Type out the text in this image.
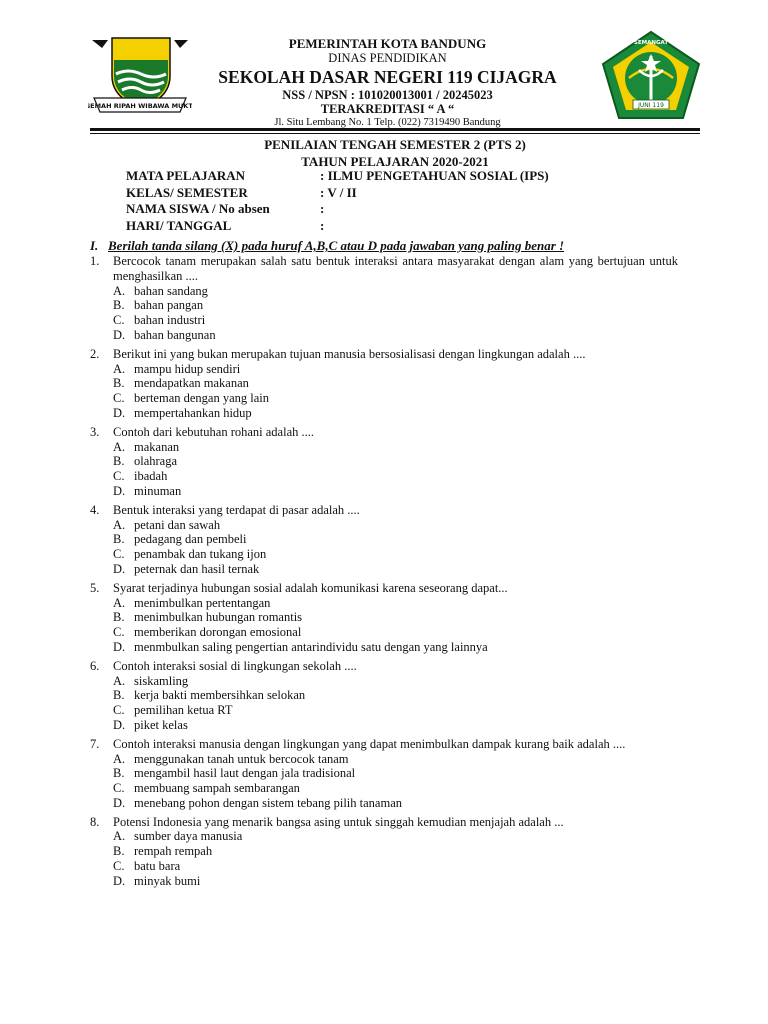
GEMAH RIPAH WIBAWA MUKTI
SEMANGAT
JUNI 119
PEMERINTAH KOTA BANDUNG
DINAS PENDIDIKAN
SEKOLAH DASAR NEGERI 119 CIJAGRA
NSS / NPSN : 101020013001 / 20245023
TERAKREDITASI “ A “
Jl. Situ Lembang No. 1 Telp. (022) 7319490 Bandung
PENILAIAN TENGAH SEMESTER 2 (PTS 2)
TAHUN PELAJARAN 2020-2021
MATA PELAJARAN	: ILMU PENGETAHUAN SOSIAL (IPS)
KELAS/ SEMESTER	: V / II
NAMA SISWA / No absen	:
HARI/ TANGGAL	:
I. Berilah tanda silang (X) pada huruf A,B,C atau D pada jawaban yang paling benar !
1.	Bercocok tanam merupakan salah satu bentuk interaksi antara masyarakat dengan alam yang bertujuan untuk menghasilkan ....
A. bahan sandang
B. bahan pangan
C. bahan industri
D. bahan bangunan
2.	Berikut ini yang bukan merupakan tujuan manusia bersosialisasi dengan lingkungan adalah ....
A. mampu hidup sendiri
B. mendapatkan makanan
C. berteman dengan yang lain
D. mempertahankan hidup
3.	Contoh dari kebutuhan rohani adalah ....
A. makanan
B. olahraga
C. ibadah
D. minuman
4.	Bentuk interaksi yang terdapat di pasar adalah ....
A. petani dan sawah
B. pedagang dan pembeli
C. penambak dan tukang ijon
D. peternak dan hasil ternak
5.	Syarat terjadinya hubungan sosial adalah komunikasi karena seseorang dapat...
A. menimbulkan pertentangan
B. menimbulkan hubungan romantis
C. memberikan dorongan emosional
D. menmbulkan saling pengertian antarindividu satu dengan yang lainnya
6.	Contoh interaksi sosial di lingkungan sekolah ....
A. siskamling
B. kerja bakti membersihkan selokan
C. pemilihan ketua RT
D. piket kelas
7.	Contoh interaksi manusia dengan lingkungan yang dapat menimbulkan dampak kurang baik adalah ....
A. menggunakan tanah untuk bercocok tanam
B. mengambil hasil laut dengan jala tradisional
C. membuang sampah sembarangan
D. menebang pohon dengan sistem tebang pilih tanaman
8.	Potensi Indonesia yang menarik bangsa asing untuk singgah kemudian menjajah adalah ...
A. sumber daya manusia
B. rempah rempah
C. batu bara
D. minyak bumi
